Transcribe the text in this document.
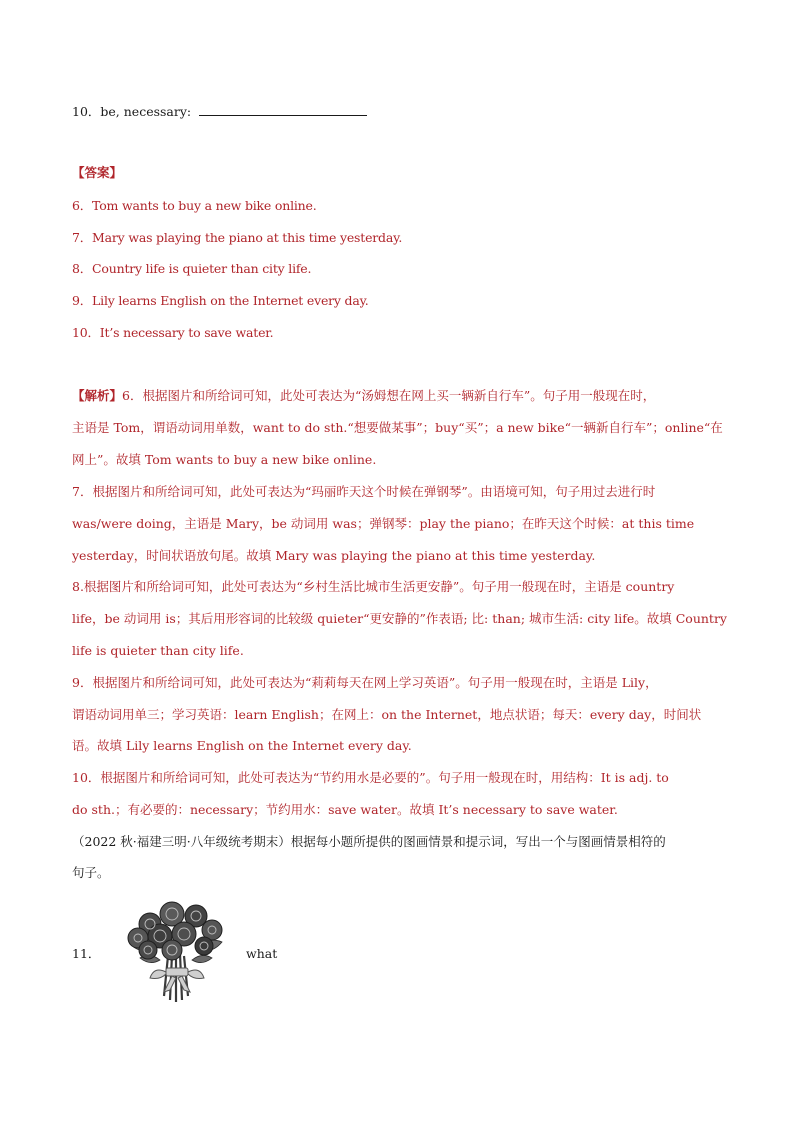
10．be, necessary:
【答案】
6．Tom wants to buy a new bike online.
7．Mary was playing the piano at this time yesterday.
8．Country life is quieter than city life.
9．Lily learns English on the Internet every day.
10．It’s necessary to save water.
【解析】6．根据图片和所给词可知，此处可表达为“汤姆想在网上买一辆新自行车”。句子用一般现在时，
主语是 Tom，谓语动词用单数，want to do sth.“想要做某事”；buy“买”；a new bike“一辆新自行车”；online“在
网上”。故填 Tom wants to buy a new bike online.
7．根据图片和所给词可知，此处可表达为“玛丽昨天这个时候在弹钢琴”。由语境可知，句子用过去进行时
was/were doing，主语是 Mary，be 动词用 was；弹钢琴：play the piano；在昨天这个时候：at this time
yesterday，时间状语放句尾。故填 Mary was playing the piano at this time yesterday.
8.根据图片和所给词可知，此处可表达为“乡村生活比城市生活更安静”。句子用一般现在时，主语是 country
life，be 动词用 is；其后用形容词的比较级 quieter“更安静的”作表语; 比: than; 城市生活: city life。故填 Country
life is quieter than city life.
9．根据图片和所给词可知，此处可表达为“莉莉每天在网上学习英语”。句子用一般现在时，主语是 Lily，
谓语动词用单三；学习英语：learn English；在网上：on the Internet，地点状语；每天：every day，时间状
语。故填 Lily learns English on the Internet every day.
10．根据图片和所给词可知，此处可表达为“节约用水是必要的”。句子用一般现在时，用结构：It is adj. to
do sth.；有必要的：necessary；节约用水：save water。故填 It’s necessary to save water.
（2022 秋·福建三明·八年级统考期末）根据每小题所提供的图画情景和提示词，写出一个与图画情景相符的
句子。
11．	what
